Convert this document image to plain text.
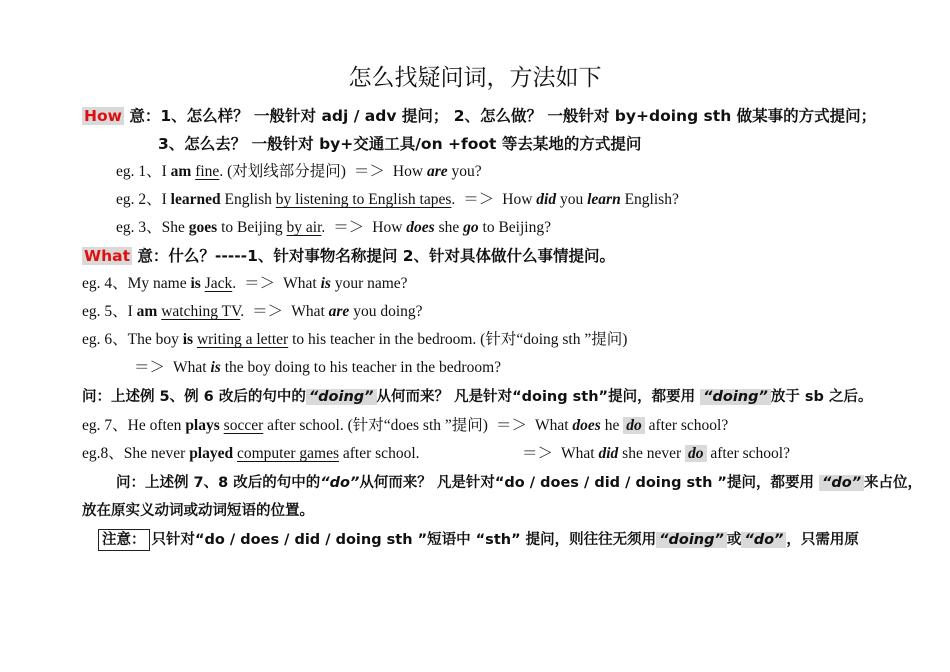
怎么找疑问词，方法如下
How 意：1、怎么样？ 一般针对 adj / adv 提问； 2、怎么做？ 一般针对 by+doing sth 做某事的方式提问；
3、怎么去？ 一般针对 by+交通工具/on +foot 等去某地的方式提问
eg. 1、I am fine. (对划线部分提问) ＝＞ How are you?
eg. 2、I learned English by listening to English tapes. ＝＞ How did you learn English?
eg. 3、She goes to Beijing by air. ＝＞ How does she go to Beijing?
What 意：什么？-----1、针对事物名称提问 2、针对具体做什么事情提问。
eg. 4、My name is Jack. ＝＞ What is your name?
eg. 5、I am watching TV. ＝＞ What are you doing?
eg. 6、The boy is writing a letter to his teacher in the bedroom. (针对“doing sth ”提问)
＝＞ What is the boy doing to his teacher in the bedroom?
问：上述例 5、例 6 改后的句中的 “doing” 从何而来？ 凡是针对“doing sth”提问，都要用 “doing” 放于 sb 之后。
eg. 7、He often plays soccer after school. (针对“does sth ”提问) ＝＞ What does he do after school?
eg.8、She never played computer games after school.	＝＞ What did she never do after school?
问：上述例 7、8 改后的句中的“do”从何而来？ 凡是针对“do / does / did / doing sth ”提问，都要用 “do” 来占位，
放在原实义动词或动词短语的位置。
注意： 只针对“do / does / did / doing sth ”短语中 “sth” 提问，则往往无须用 “doing” 或 “do” ，只需用原
